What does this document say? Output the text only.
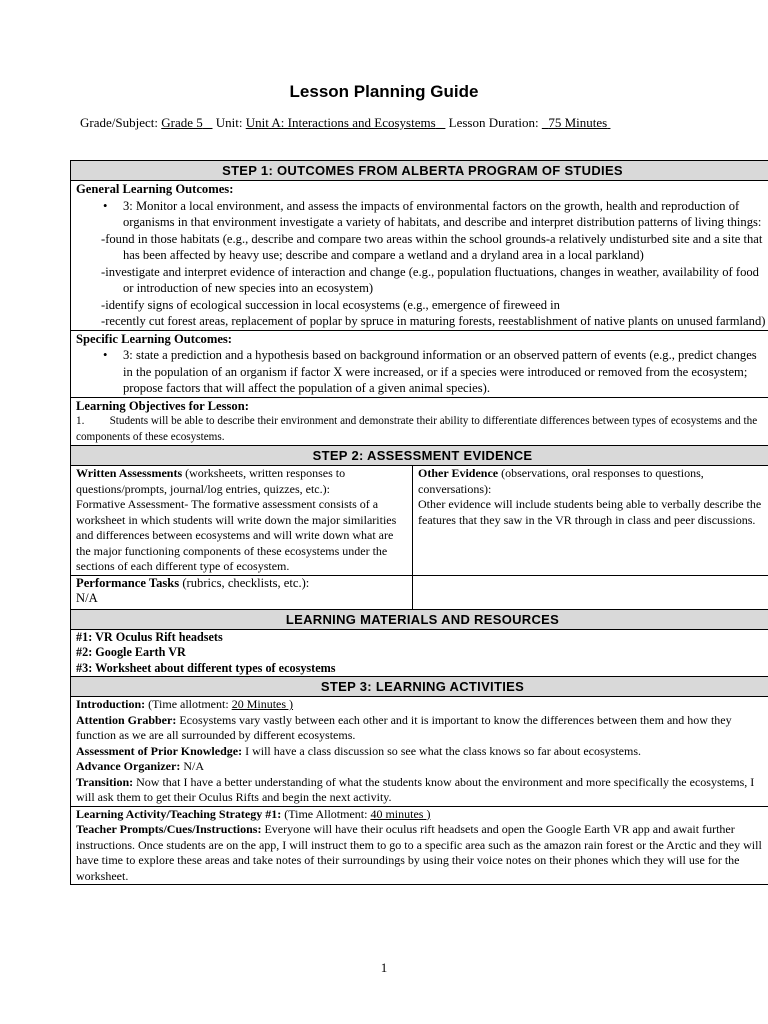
Lesson Planning Guide
Grade/Subject: Grade 5 Unit: Unit A: Interactions and Ecosystems Lesson Duration: 75 Minutes
STEP 1: OUTCOMES FROM ALBERTA PROGRAM OF STUDIES
General Learning Outcomes:
• 3: Monitor a local environment, and assess the impacts of environmental factors on the growth, health and reproduction of organisms in that environment investigate a variety of habitats, and describe and interpret distribution patterns of living things:
-found in those habitats (e.g., describe and compare two areas within the school grounds-a relatively undisturbed site and a site that has been affected by heavy use; describe and compare a wetland and a dryland area in a local parkland)
-investigate and interpret evidence of interaction and change (e.g., population fluctuations, changes in weather, availability of food or introduction of new species into an ecosystem)
-identify signs of ecological succession in local ecosystems (e.g., emergence of fireweed in
-recently cut forest areas, replacement of poplar by spruce in maturing forests, reestablishment of native plants on unused farmland)
Specific Learning Outcomes:
• 3: state a prediction and a hypothesis based on background information or an observed pattern of events (e.g., predict changes in the population of an organism if factor X were increased, or if a species were introduced or removed from the ecosystem; propose factors that will affect the population of a given animal species).
Learning Objectives for Lesson:
1. Students will be able to describe their environment and demonstrate their ability to differentiate differences between types of ecosystems and the components of these ecosystems.
STEP 2: ASSESSMENT EVIDENCE
Written Assessments (worksheets, written responses to questions/prompts, journal/log entries, quizzes, etc.):
Formative Assessment- The formative assessment consists of a worksheet in which students will write down the major similarities and differences between ecosystems and will write down what are the major functioning components of these ecosystems under the sections of each different type of ecosystem.
Other Evidence (observations, oral responses to questions, conversations):
Other evidence will include students being able to verbally describe the features that they saw in the VR through in class and peer discussions.
Performance Tasks (rubrics, checklists, etc.):
N/A
LEARNING MATERIALS AND RESOURCES
#1: VR Oculus Rift headsets
#2: Google Earth VR
#3: Worksheet about different types of ecosystems
STEP 3: LEARNING ACTIVITIES
Introduction: (Time allotment: 20 Minutes )
Attention Grabber: Ecosystems vary vastly between each other and it is important to know the differences between them and how they function as we are all surrounded by different ecosystems.
Assessment of Prior Knowledge: I will have a class discussion so see what the class knows so far about ecosystems.
Advance Organizer: N/A
Transition: Now that I have a better understanding of what the students know about the environment and more specifically the ecosystems, I will ask them to get their Oculus Rifts and begin the next activity.
Learning Activity/Teaching Strategy #1: (Time Allotment: 40 minutes )
Teacher Prompts/Cues/Instructions: Everyone will have their oculus rift headsets and open the Google Earth VR app and await further instructions. Once students are on the app, I will instruct them to go to a specific area such as the amazon rain forest or the Arctic and they will have time to explore these areas and take notes of their surroundings by using their voice notes on their phones which they will use for the worksheet.
1
